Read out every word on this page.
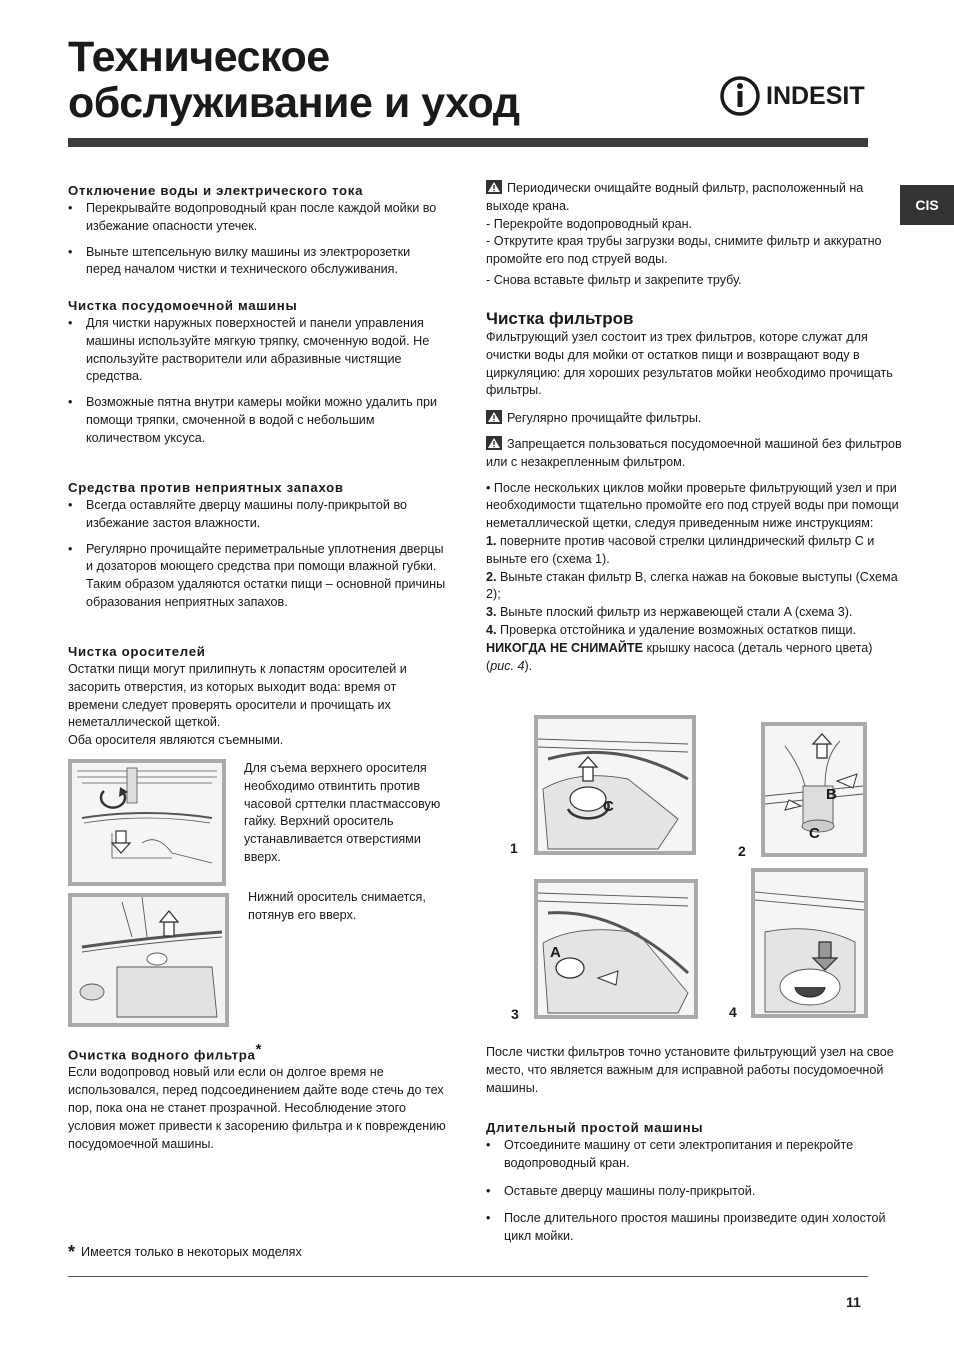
Техническое
обслуживание и уход	INDESIT
CIS
Отключение воды и электрического тока
• Перекрывайте водопроводный кран после каждой мойки во избежание опасности утечек.
• Выньте штепсельную вилку машины из электророзетки перед началом чистки и технического обслуживания.
Чистка посудомоечной машины
• Для чистки наружных поверхностей и панели управления машины используйте мягкую тряпку, смоченную водой. Не используйте растворители или абразивные чистящие средства.
• Возможные пятна внутри камеры мойки можно удалить при помощи тряпки, смоченной в водой с небольшим количеством уксуса.
Средства против неприятных запахов
• Всегда оставляйте дверцу машины полу-прикрытой во избежание застоя влажности.
• Регулярно прочищайте периметральные уплотнения дверцы и дозаторов моющего средства при помощи влажной губки. Таким образом удаляются остатки пищи – основной причины образования неприятных запахов.
Чистка оросителей

Остатки пищи могут прилипнуть к лопастям оросителей и засорить отверстия, из которых выходит вода: время от времени следует проверять оросители и прочищать их неметаллической щеткой.

Оба оросителя являются съемными.

Для съема верхнего оросителя необходимо отвинтить против часовой срттелки пластмассовую гайку. Верхний ороситель устанавливается отверстиями вверх.
Нижний ороситель снимается, потянув его вверх.
Очистка водного фильтра*

Если водопровод новый или если он долгое время не использовался, перед подсоединением дайте воде стечь до тех пор, пока она не станет прозрачной. Несоблюдение этого условия может привести к засорению фильтра и к повреждению посудомоечной машины.

* Имеется только в некоторых моделях

Периодически очищайте водный фильтр, расположенный на выходе крана.

- Перекройте водопроводный кран.

- Открутите края трубы загрузки воды, снимите фильтр и аккуратно промойте его под струей воды.

- Снова вставьте фильтр и закрепите трубу.

Чистка фильтров

Фильтрующий узел состоит из трех фильтров, которе служат для очистки воды для мойки от остатков пищи и возвращают воду в циркуляцию: для хороших результатов мойки необходимо прочищать фильтры.

Регулярно прочищайте фильтры.

Запрещается пользоваться посудомоечной машиной без фильтров или с незакрепленным фильтром.

• После нескольких циклов мойки проверьте фильтрующий узел и при необходимости тщательно промойте его под струей воды при помощи неметаллической щетки, следуя приведенным ниже инструкциям:

1. поверните против часовой стрелки цилиндрический фильтр C и выньте его (схема 1).

2. Выньте стакан фильтр B, слегка нажав на боковые выступы (Схема 2);

3. Выньте плоский фильтр из нержавеющей стали A (схема 3).

4. Проверка отстойника и удаление возможных остатков пищи.

НИКОГДА НЕ СНИМАЙТЕ крышку насоса (деталь черного цвета)
(рис. 4).

C
1
B
C
2
A
3	4
После чистки фильтров точно установите фильтрующий узел на свое место, что является важным для исправной работы посудомоечной машины.
Длительный простой машины
• Отсоедините машину от сети электропитания и перекройте водопроводный кран.
• Оставьте дверцу машины полу-прикрытой.
• После длительного простоя машины произведите один холостой цикл мойки.
11
